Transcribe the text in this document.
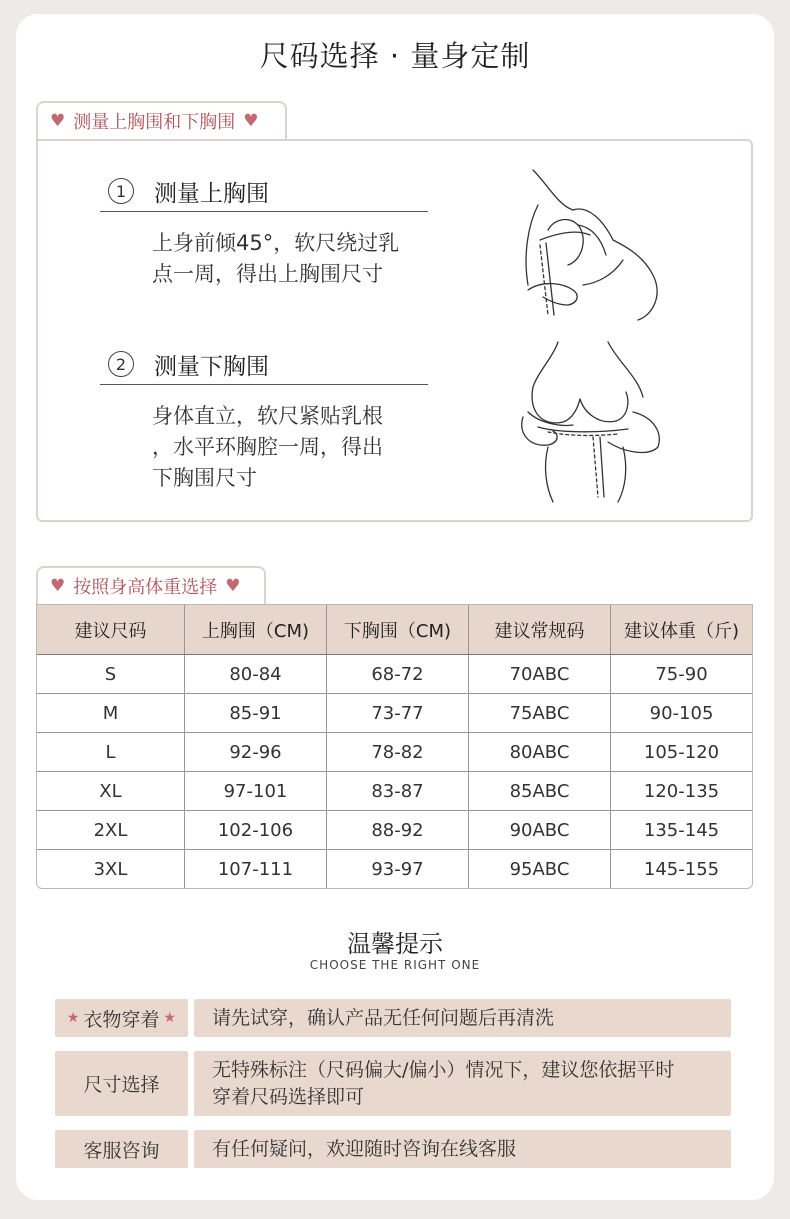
尺码选择 · 量身定制
♥ 测量上胸围和下胸围 ♥
1	测量上胸围
上身前倾45°，软尺绕过乳
点一周，得出上胸围尺寸
2	测量下胸围
身体直立，软尺紧贴乳根
，水平环胸腔一周，得出
下胸围尺寸
♥ 按照身高体重选择 ♥
建议尺码	上胸围（CM)	下胸围（CM)	建议常规码	建议体重（斤)
S	80-84	68-72	70ABC	75-90
M	85-91	73-77	75ABC	90-105
L	92-96	78-82	80ABC	105-120
XL	97-101	83-87	85ABC	120-135
2XL	102-106	88-92	90ABC	135-145
3XL	107-111	93-97	95ABC	145-155
温馨提示
CHOOSE THE RIGHT ONE
★ 衣物穿着 ★ 请先试穿，确认产品无任何问题后再清洗
尺寸选择
无特殊标注（尺码偏大/偏小）情况下，建议您依据平时
穿着尺码选择即可
客服咨询	有任何疑问，欢迎随时咨询在线客服
